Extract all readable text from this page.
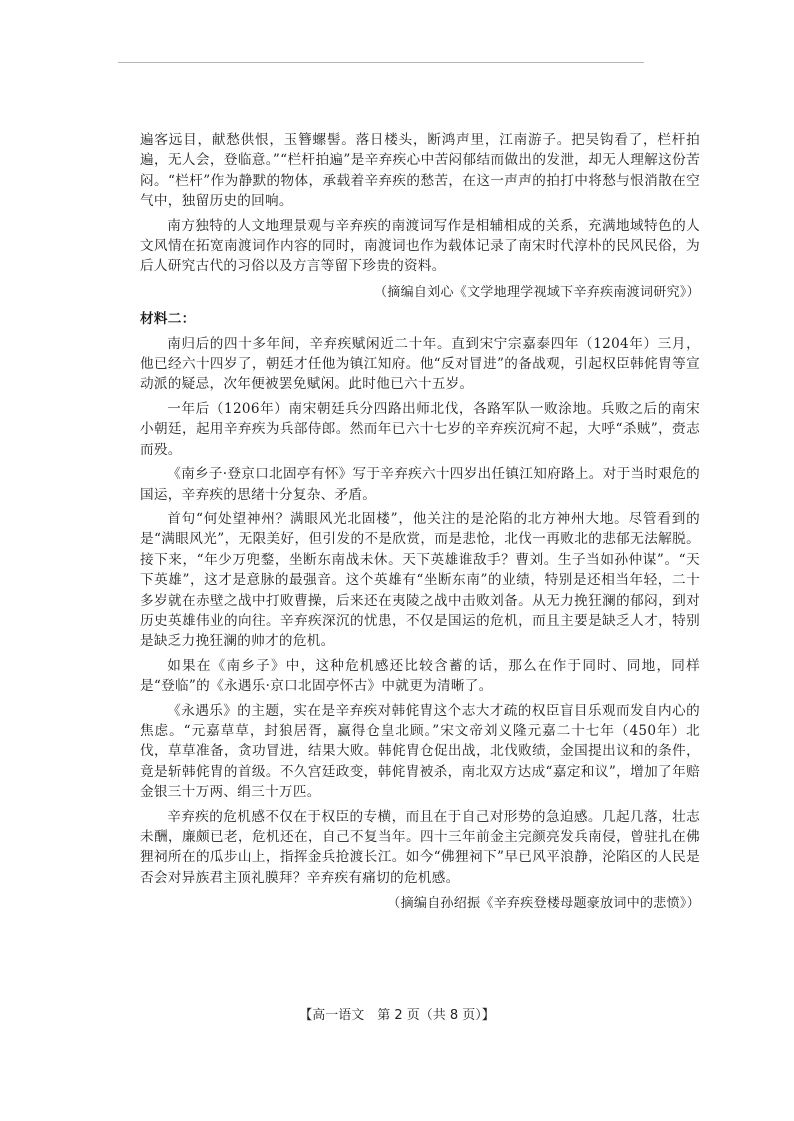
遍客远目，献愁供恨，玉簪螺髻。落日楼头，断鸿声里，江南游子。把吴钩看了，栏杆拍遍，无人会，登临意。”“栏杆拍遍”是辛弃疾心中苦闷郁结而做出的发泄，却无人理解这份苦闷。“栏杆”作为静默的物体，承载着辛弃疾的愁苦，在这一声声的拍打中将愁与恨消散在空气中，独留历史的回响。

南方独特的人文地理景观与辛弃疾的南渡词写作是相辅相成的关系，充满地域特色的人文风情在拓宽南渡词作内容的同时，南渡词也作为载体记录了南宋时代淳朴的民风民俗，为后人研究古代的习俗以及方言等留下珍贵的资料。

（摘编自刘心《文学地理学视域下辛弃疾南渡词研究》）

材料二：

南归后的四十多年间，辛弃疾赋闲近二十年。直到宋宁宗嘉泰四年（1204年）三月，他已经六十四岁了，朝廷才任他为镇江知府。他“反对冒进”的备战观，引起权臣韩侂胄等宣动派的疑忌，次年便被罢免赋闲。此时他已六十五岁。

一年后（1206年）南宋朝廷兵分四路出师北伐，各路军队一败涂地。兵败之后的南宋小朝廷，起用辛弃疾为兵部侍郎。然而年已六十七岁的辛弃疾沉疴不起，大呼“杀贼”，赍志而殁。

《南乡子·登京口北固亭有怀》写于辛弃疾六十四岁出任镇江知府路上。对于当时艰危的国运，辛弃疾的思绪十分复杂、矛盾。

首句“何处望神州？满眼风光北固楼”，他关注的是沦陷的北方神州大地。尽管看到的是“满眼风光”，无限美好，但引发的不是欣赏，而是悲怆，北伐一再败北的悲郁无法解脱。接下来，“年少万兜鍪，坐断东南战未休。天下英雄谁敌手？曹刘。生子当如孙仲谋”。“天下英雄”，这才是意脉的最强音。这个英雄有“坐断东南”的业绩，特别是还相当年轻，二十多岁就在赤壁之战中打败曹操，后来还在夷陵之战中击败刘备。从无力挽狂澜的郁闷，到对历史英雄伟业的向往。辛弃疾深沉的忧患，不仅是国运的危机，而且主要是缺乏人才，特别是缺乏力挽狂澜的帅才的危机。

如果在《南乡子》中，这种危机感还比较含蓄的话，那么在作于同时、同地，同样是“登临”的《永遇乐·京口北固亭怀古》中就更为清晰了。

《永遇乐》的主题，实在是辛弃疾对韩侂胄这个志大才疏的权臣盲目乐观而发自内心的焦虑。“元嘉草草，封狼居胥，赢得仓皇北顾。”宋文帝刘义隆元嘉二十七年（450年）北伐，草草准备，贪功冒进，结果大败。韩侂胄仓促出战，北伐败绩，金国提出议和的条件，竟是斩韩侂胄的首级。不久宫廷政变，韩侂胄被杀，南北双方达成“嘉定和议”，增加了年赔金银三十万两、绢三十万匹。

辛弃疾的危机感不仅在于权臣的专横，而且在于自己对形势的急迫感。几起几落，壮志未酬，廉颇已老，危机还在，自己不复当年。四十三年前金主完颜亮发兵南侵，曾驻扎在佛狸祠所在的瓜步山上，指挥金兵抢渡长江。如今“佛狸祠下”早已风平浪静，沦陷区的人民是否会对异族君主顶礼膜拜？辛弃疾有痛切的危机感。

（摘编自孙绍振《辛弃疾登楼母题豪放词中的悲愤》）

【高一语文　第 2 页（共 8 页）】
